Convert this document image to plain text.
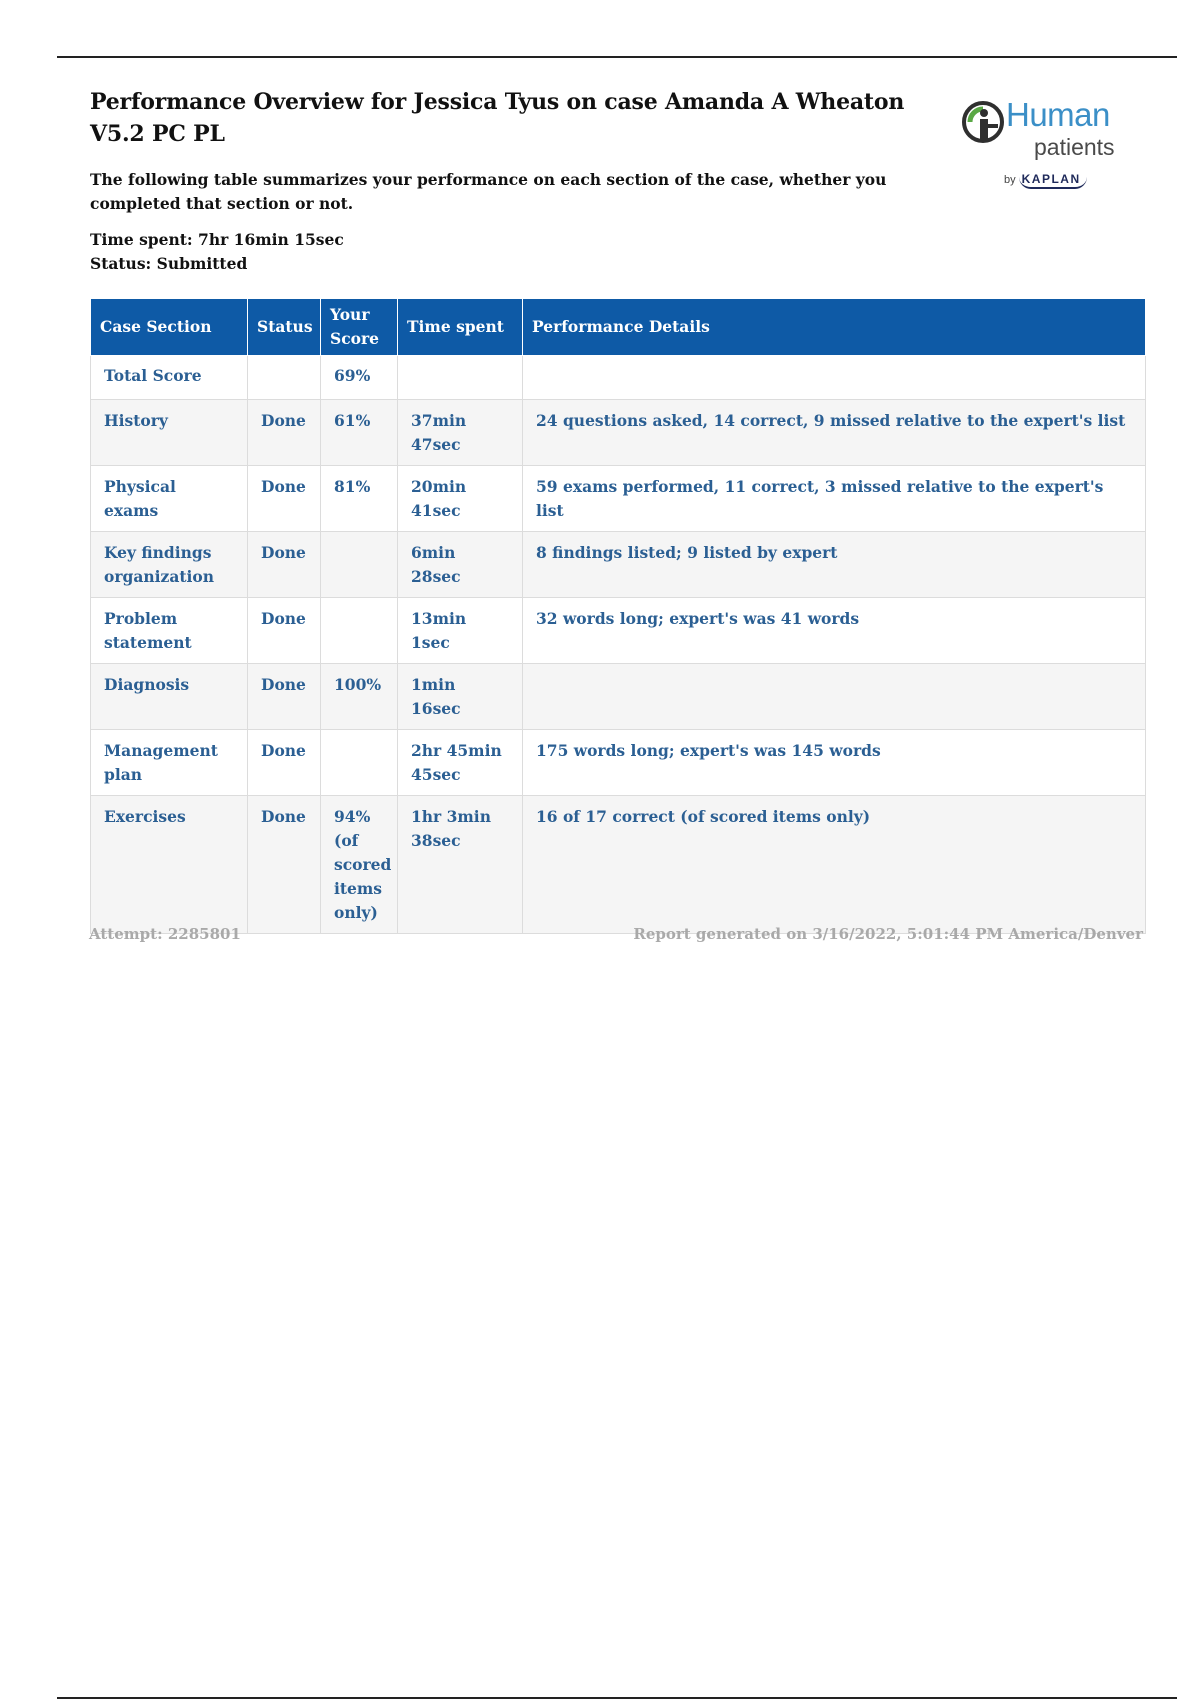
Performance Overview for Jessica Tyus on case Amanda A Wheaton V5.2 PC PL

The following table summarizes your performance on each section of the case, whether you completed that section or not.

Time spent: 7hr 16min 15sec
Status: Submitted
Human
patients
by KAPLAN
Case Section	Status	Your Score	Time spent	Performance Details
Total Score		69%		
History	Done	61%	37min 47sec	24 questions asked, 14 correct, 9 missed relative to the expert's list
Physical exams	Done	81%	20min 41sec	59 exams performed, 11 correct, 3 missed relative to the expert's list
Key findings organization	Done		6min 28sec	8 findings listed; 9 listed by expert
Problem statement	Done		13min 1sec	32 words long; expert's was 41 words
Diagnosis	Done	100%	1min 16sec	
Management plan	Done		2hr 45min 45sec	175 words long; expert's was 145 words
Exercises	Done	94% (of scored items only)	1hr 3min 38sec	16 of 17 correct (of scored items only)
Attempt: 2285801	Report generated on 3/16/2022, 5:01:44 PM America/Denver
